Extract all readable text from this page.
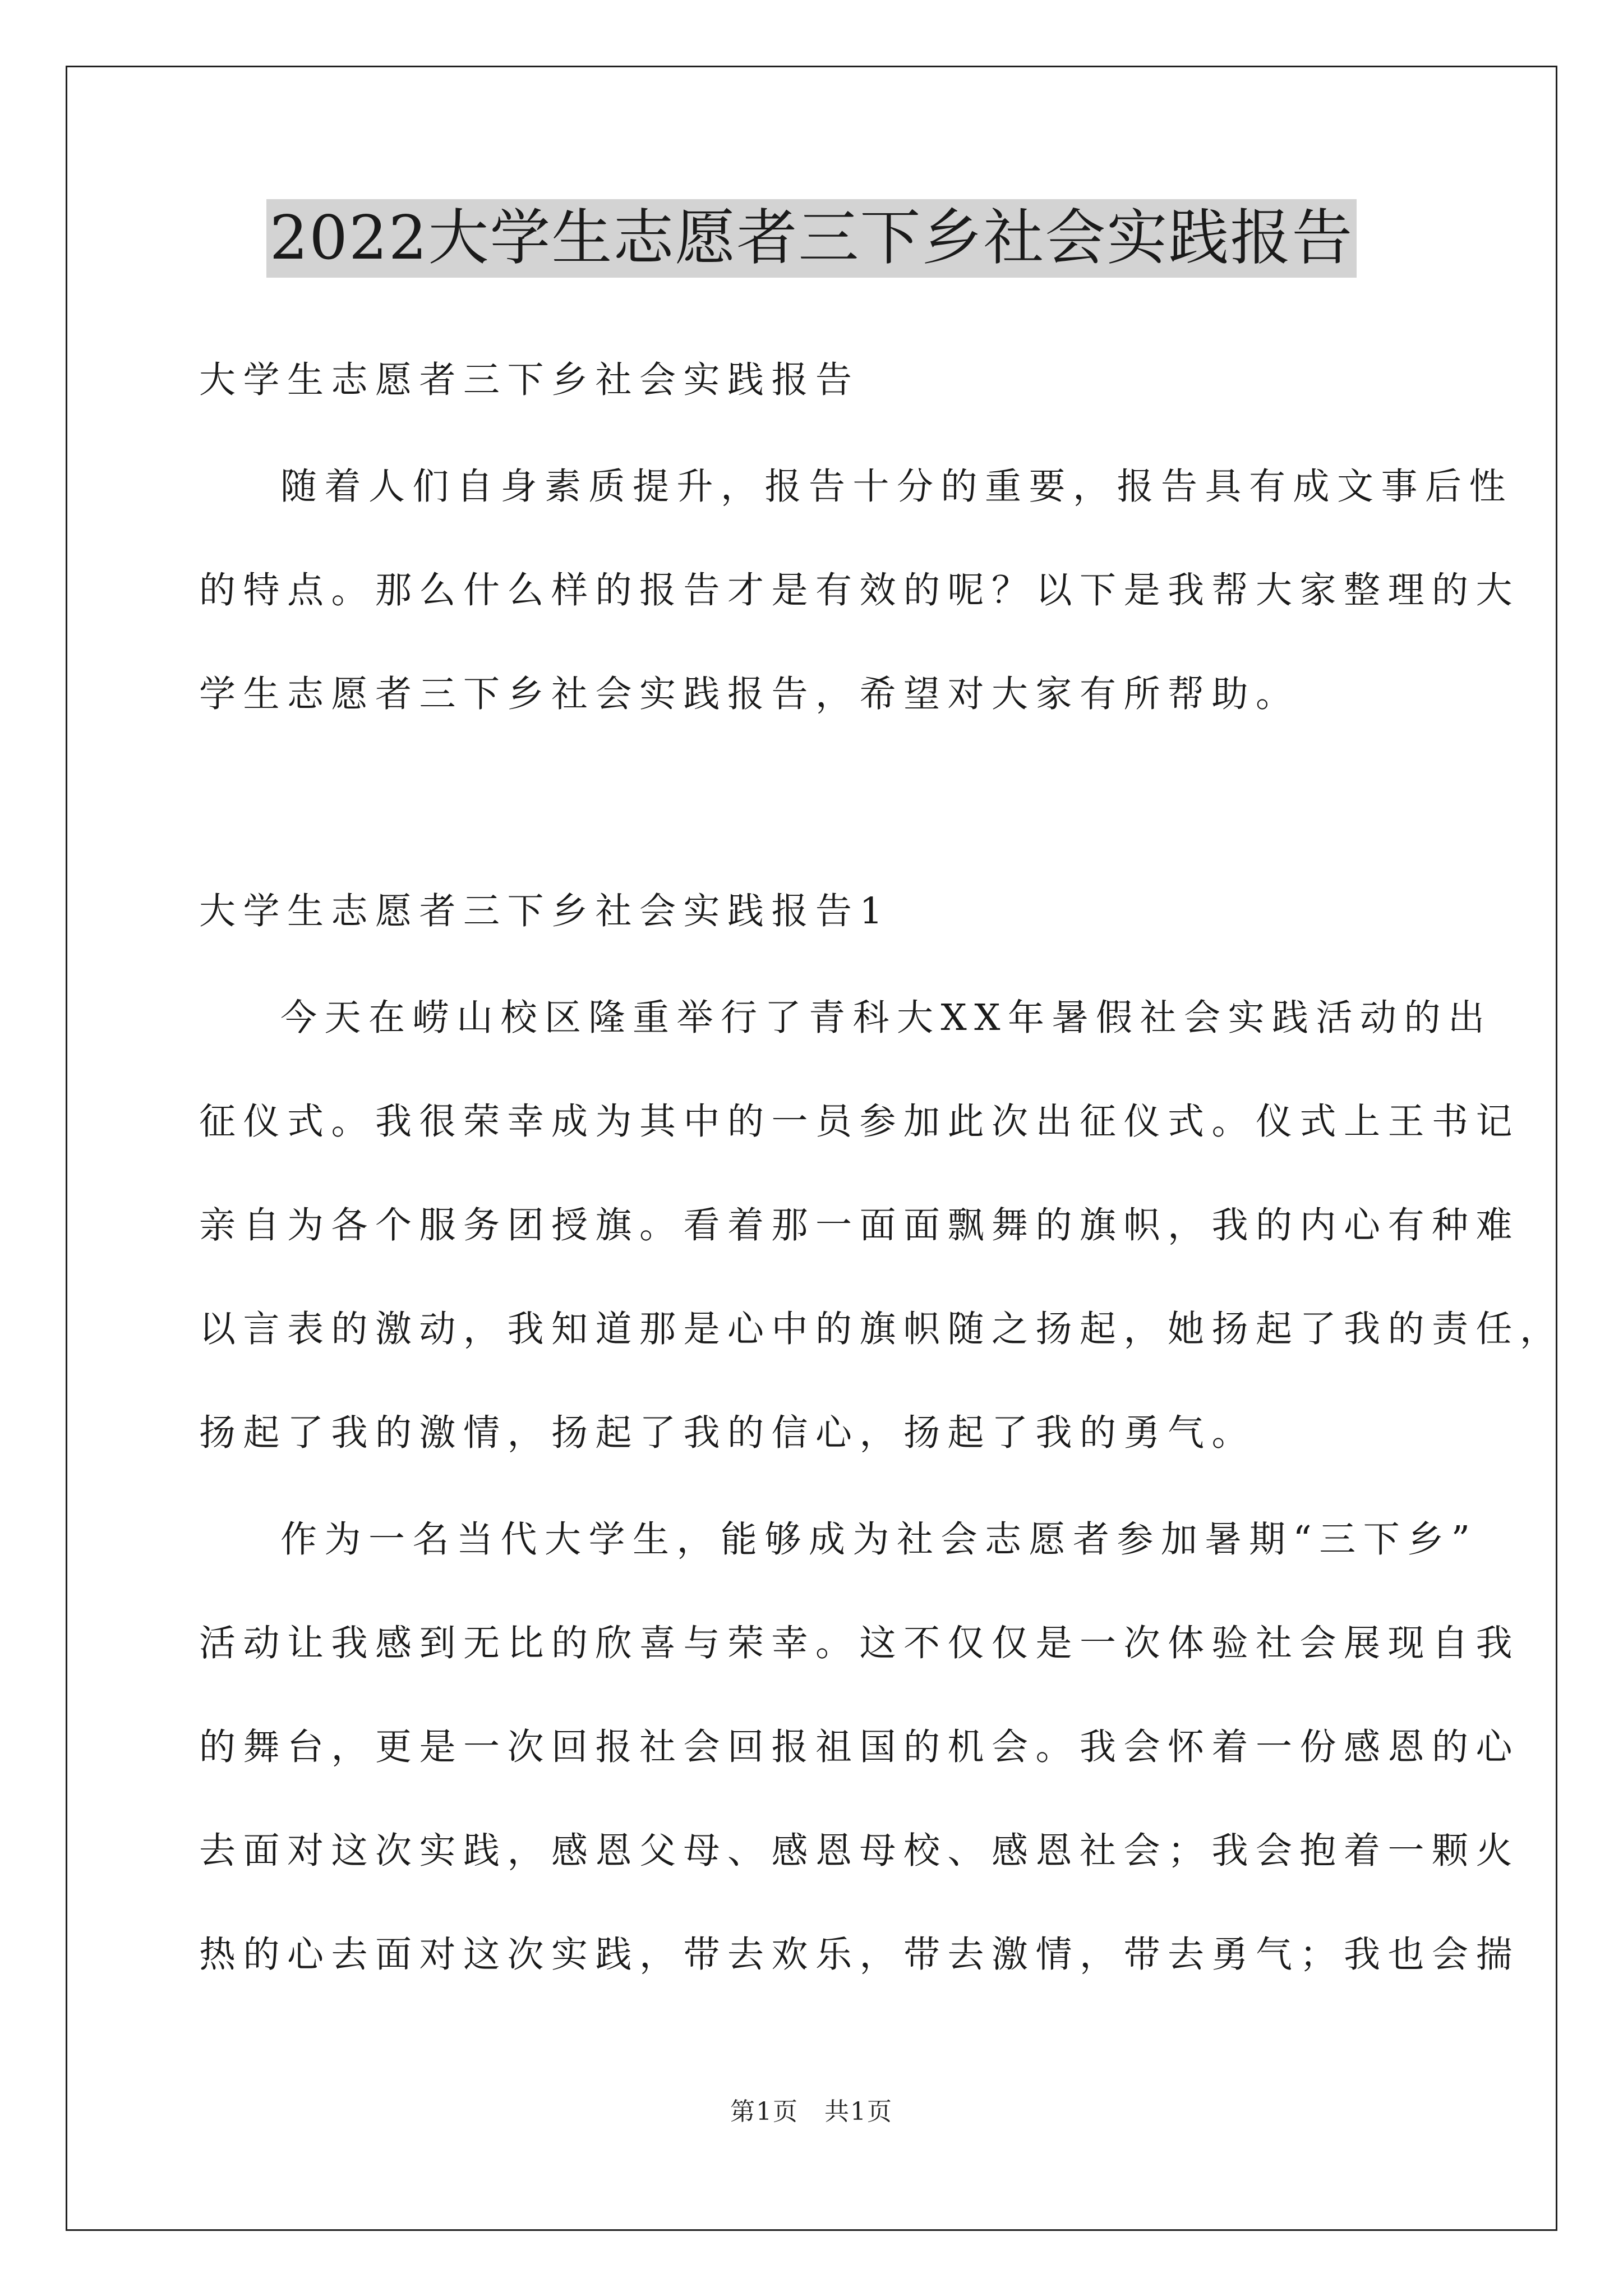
2022大学生志愿者三下乡社会实践报告
大学生志愿者三下乡社会实践报告
随着人们自身素质提升，报告十分的重要，报告具有成文事后性
的特点。那么什么样的报告才是有效的呢？以下是我帮大家整理的大
学生志愿者三下乡社会实践报告，希望对大家有所帮助。
大学生志愿者三下乡社会实践报告1
今天在崂山校区隆重举行了青科大XX年暑假社会实践活动的出
征仪式。我很荣幸成为其中的一员参加此次出征仪式。仪式上王书记
亲自为各个服务团授旗。看着那一面面飘舞的旗帜，我的内心有种难
以言表的激动，我知道那是心中的旗帜随之扬起，她扬起了我的责任，
扬起了我的激情，扬起了我的信心，扬起了我的勇气。
作为一名当代大学生，能够成为社会志愿者参加暑期“三下乡”
活动让我感到无比的欣喜与荣幸。这不仅仅是一次体验社会展现自我
的舞台，更是一次回报社会回报祖国的机会。我会怀着一份感恩的心
去面对这次实践，感恩父母、感恩母校、感恩社会；我会抱着一颗火
热的心去面对这次实践，带去欢乐，带去激情，带去勇气；我也会揣
第1页　共1页
